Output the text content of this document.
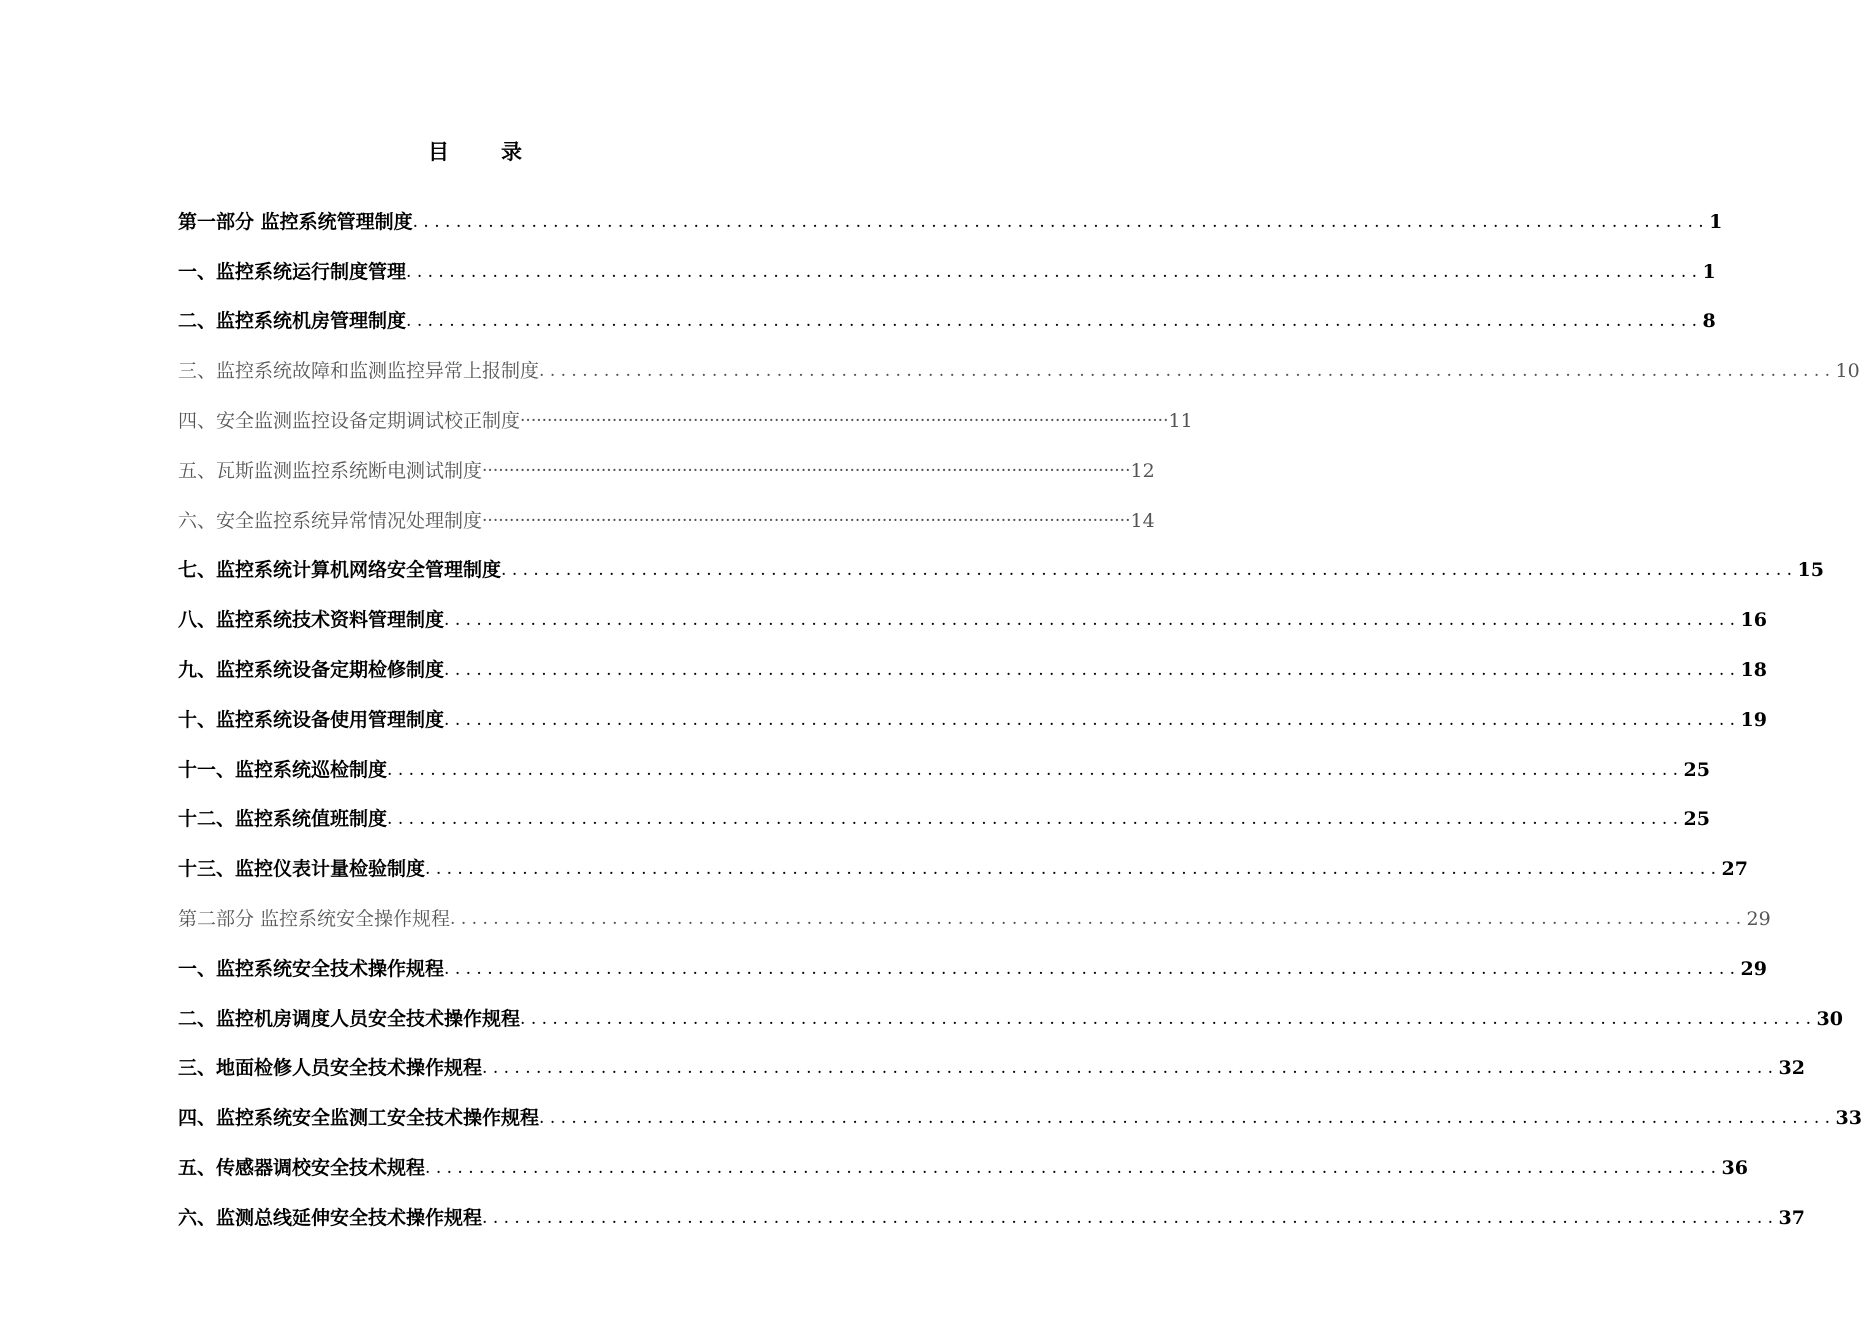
目 录
第一部分 监控系统管理制度 ........................................................................................................................ 1
一、监控系统运行制度管理 ........................................................................................................................ 1
二、监控系统机房管理制度 ........................................................................................................................ 8
三、监控系统故障和监测监控异常上报制度 ........................................................................................................................ 10
四、安全监测监控设备定期调试校正制度 ························································································································ 11
五、瓦斯监测监控系统断电测试制度 ························································································································ 12
六、安全监控系统异常情况处理制度 ························································································································ 14
七、监控系统计算机网络安全管理制度 ........................................................................................................................ 15
八、监控系统技术资料管理制度 ........................................................................................................................ 16
九、监控系统设备定期检修制度 ........................................................................................................................ 18
十、监控系统设备使用管理制度 ........................................................................................................................ 19
十一、监控系统巡检制度 ........................................................................................................................ 25
十二、监控系统值班制度 ........................................................................................................................ 25
十三、监控仪表计量检验制度 ........................................................................................................................ 27
第二部分 监控系统安全操作规程 ........................................................................................................................ 29
一、监控系统安全技术操作规程 ........................................................................................................................ 29
二、监控机房调度人员安全技术操作规程 ........................................................................................................................ 30
三、地面检修人员安全技术操作规程 ........................................................................................................................ 32
四、监控系统安全监测工安全技术操作规程 ........................................................................................................................ 33
五、传感器调校安全技术规程 ........................................................................................................................ 36
六、监测总线延伸安全技术操作规程 ........................................................................................................................ 37
